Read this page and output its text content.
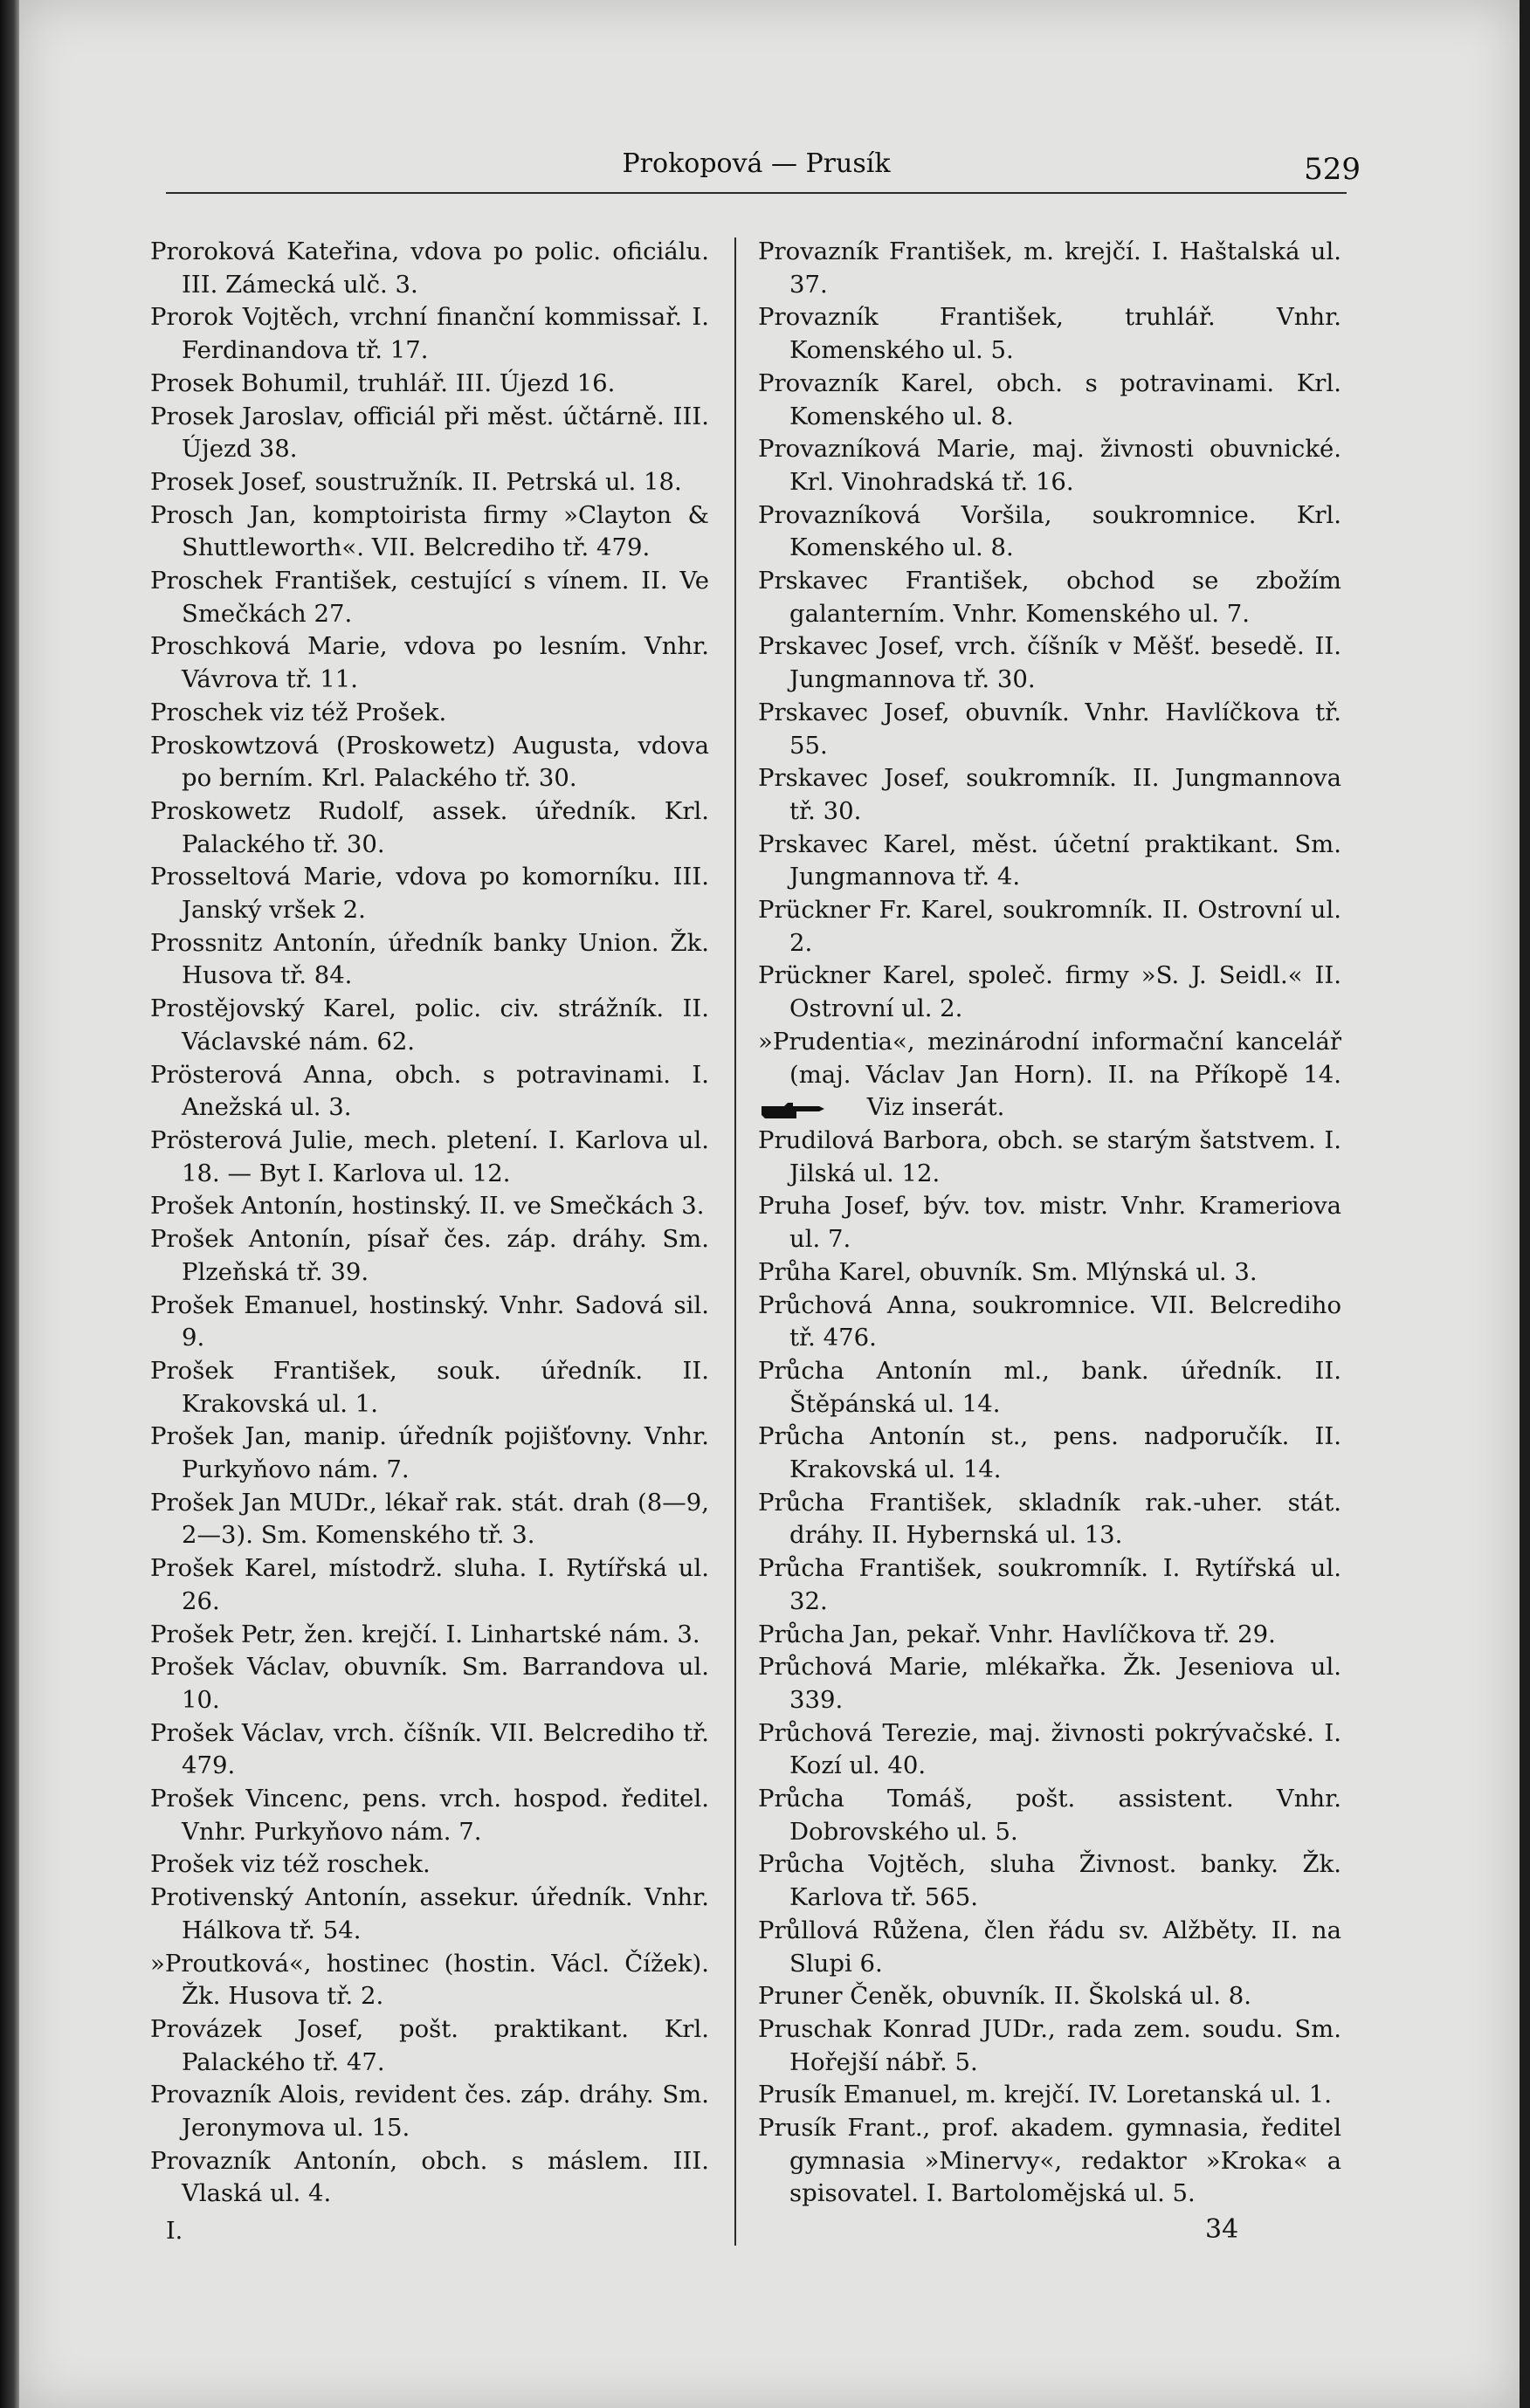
Prokopová — Prusík	529

Proroková Kateřina, vdova po polic. oficiálu. III. Zámecká ulč. 3.

Prorok Vojtěch, vrchní finanční kommissař. I. Ferdinandova tř. 17.

Prosek Bohumil, truhlář. III. Újezd 16.

Prosek Jaroslav, officiál při měst. účtárně. III. Újezd 38.

Prosek Josef, soustružník. II. Petrská ul. 18.

Prosch Jan, komptoirista firmy »Clayton & Shuttleworth«. VII. Belcrediho tř. 479.

Proschek František, cestující s vínem. II. Ve Smečkách 27.

Proschková Marie, vdova po lesním. Vnhr. Vávrova tř. 11.

Proschek viz též Prošek.

Proskowtzová (Proskowetz) Augusta, vdova po berním. Krl. Palackého tř. 30.

Proskowetz Rudolf, assek. úředník. Krl. Palackého tř. 30.

Prosseltová Marie, vdova po komorníku. III. Janský vršek 2.

Prossnitz Antonín, úředník banky Union. Žk. Husova tř. 84.

Prostějovský Karel, polic. civ. strážník. II. Václavské nám. 62.

Prösterová Anna, obch. s potravinami. I. Anežská ul. 3.

Prösterová Julie, mech. pletení. I. Karlova ul. 18. — Byt I. Karlova ul. 12.

Prošek Antonín, hostinský. II. ve Smečkách 3.

Prošek Antonín, písař čes. záp. dráhy. Sm. Plzeňská tř. 39.

Prošek Emanuel, hostinský. Vnhr. Sadová sil. 9.

Prošek František, souk. úředník. II. Krakovská ul. 1.

Prošek Jan, manip. úředník pojišťovny. Vnhr. Purkyňovo nám. 7.

Prošek Jan MUDr., lékař rak. stát. drah (8—9, 2—3). Sm. Komenského tř. 3.

Prošek Karel, místodrž. sluha. I. Rytířská ul. 26.

Prošek Petr, žen. krejčí. I. Linhartské nám. 3.

Prošek Václav, obuvník. Sm. Barrandova ul. 10.

Prošek Václav, vrch. číšník. VII. Belcrediho tř. 479.

Prošek Vincenc, pens. vrch. hospod. ředitel. Vnhr. Purkyňovo nám. 7.

Prošek viz též roschek.

Protivenský Antonín, assekur. úředník. Vnhr. Hálkova tř. 54.

»Proutková«, hostinec (hostin. Václ. Čížek). Žk. Husova tř. 2.

Provázek Josef, pošt. praktikant. Krl. Palackého tř. 47.

Provazník Alois, revident čes. záp. dráhy. Sm. Jeronymova ul. 15.

Provazník Antonín, obch. s máslem. III. Vlaská ul. 4.

Provazník František, m. krejčí. I. Haštalská ul. 37.

Provazník František, truhlář. Vnhr. Komenského ul. 5.

Provazník Karel, obch. s potravinami. Krl. Komenského ul. 8.

Provazníková Marie, maj. živnosti obuvnické. Krl. Vinohradská tř. 16.

Provazníková Voršila, soukromnice. Krl. Komenského ul. 8.

Prskavec František, obchod se zbožím galanterním. Vnhr. Komenského ul. 7.

Prskavec Josef, vrch. číšník v Měšť. besedě. II. Jungmannova tř. 30.

Prskavec Josef, obuvník. Vnhr. Havlíčkova tř. 55.

Prskavec Josef, soukromník. II. Jungmannova tř. 30.

Prskavec Karel, měst. účetní praktikant. Sm. Jungmannova tř. 4.

Prückner Fr. Karel, soukromník. II. Ostrovní ul. 2.

Prückner Karel, společ. firmy »S. J. Seidl.« II. Ostrovní ul. 2.

»Prudentia«, mezinárodní informační kancelář (maj. Václav Jan Horn). II. na Příkopě 14.  Viz inserát.

Prudilová Barbora, obch. se starým šatstvem. I. Jilská ul. 12.

Pruha Josef, býv. tov. mistr. Vnhr. Krameriova ul. 7.

Průha Karel, obuvník. Sm. Mlýnská ul. 3.

Průchová Anna, soukromnice. VII. Belcrediho tř. 476.

Průcha Antonín ml., bank. úředník. II. Štěpánská ul. 14.

Průcha Antonín st., pens. nadporučík. II. Krakovská ul. 14.

Průcha František, skladník rak.-uher. stát. dráhy. II. Hybernská ul. 13.

Průcha František, soukromník. I. Rytířská ul. 32.

Průcha Jan, pekař. Vnhr. Havlíčkova tř. 29.

Průchová Marie, mlékařka. Žk. Jeseniova ul. 339.

Průchová Terezie, maj. živnosti pokrývačské. I. Kozí ul. 40.

Průcha Tomáš, pošt. assistent. Vnhr. Dobrovského ul. 5.

Průcha Vojtěch, sluha Živnost. banky. Žk. Karlova tř. 565.

Průllová Růžena, člen řádu sv. Alžběty. II. na Slupi 6.

Pruner Čeněk, obuvník. II. Školská ul. 8.

Pruschak Konrad JUDr., rada zem. soudu. Sm. Hořejší nábř. 5.

Prusík Emanuel, m. krejčí. IV. Loretanská ul. 1.

Prusík Frant., prof. akadem. gymnasia, ředitel gymnasia »Minervy«, redaktor »Kroka« a spisovatel. I. Bartolomějská ul. 5.

I.	34
